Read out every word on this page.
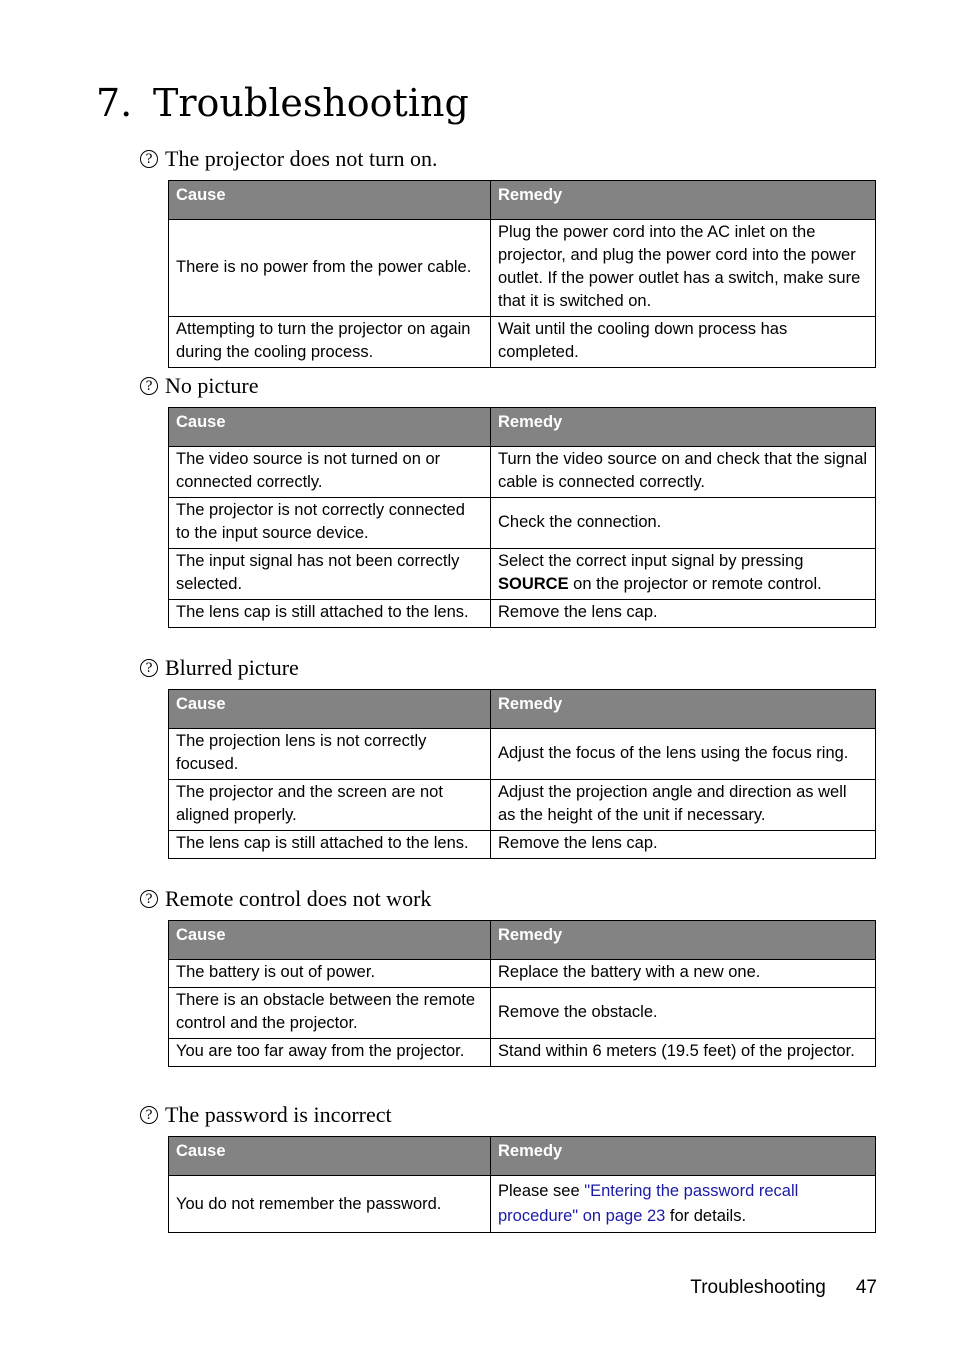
7. Troubleshooting
? The projector does not turn on.
Cause	Remedy
There is no power from the power cable.	Plug the power cord into the AC inlet on the projector, and plug the power cord into the power outlet. If the power outlet has a switch, make sure that it is switched on.
Attempting to turn the projector on again during the cooling process.	Wait until the cooling down process has completed.
? No picture
Cause	Remedy
The video source is not turned on or connected correctly.	Turn the video source on and check that the signal cable is connected correctly.
The projector is not correctly connected to the input source device.	Check the connection.
The input signal has not been correctly selected.	Select the correct input signal by pressing SOURCE on the projector or remote control.
The lens cap is still attached to the lens.	Remove the lens cap.
? Blurred picture
Cause	Remedy
The projection lens is not correctly focused.	Adjust the focus of the lens using the focus ring.
The projector and the screen are not aligned properly.	Adjust the projection angle and direction as well as the height of the unit if necessary.
The lens cap is still attached to the lens.	Remove the lens cap.
? Remote control does not work
Cause	Remedy
The battery is out of power.	Replace the battery with a new one.
There is an obstacle between the remote control and the projector.	Remove the obstacle.
You are too far away from the projector.	Stand within 6 meters (19.5 feet) of the projector.
? The password is incorrect
Cause	Remedy
You do not remember the password.	Please see "Entering the password recall procedure" on page 23 for details.
Troubleshooting 47
